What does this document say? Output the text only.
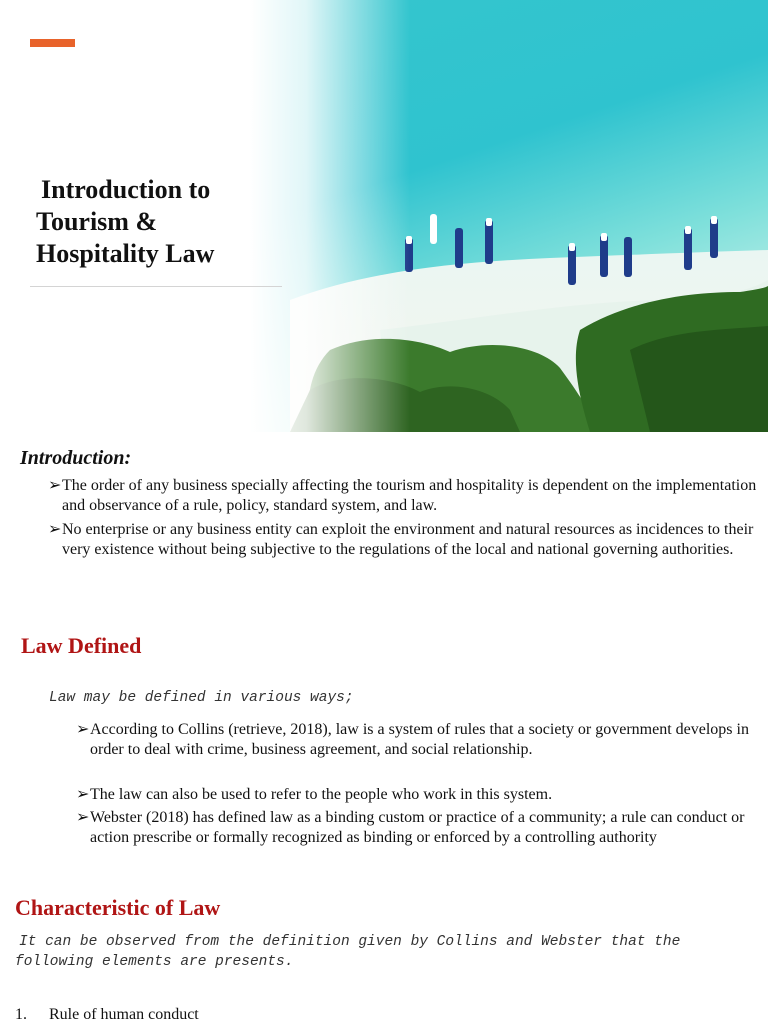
Introduction to
Tourism &
Hospitality Law
Introduction:
➢The order of any business specially affecting the tourism and hospitality is dependent on the implementation and observance of a rule, policy, standard system, and law.
➢No enterprise or any business entity can exploit the environment and natural resources as incidences to their very existence without being subjective to the regulations of the local and national governing authorities.
Law Defined
Law may be defined in various ways;
➢According to Collins (retrieve, 2018), law is a system of rules that a society or government develops in order to deal with crime, business agreement, and social relationship.
➢The law can also be used to refer to the people who work in this system.
➢Webster (2018) has defined law as a binding custom or practice of a community; a rule can conduct or action prescribe or formally recognized as binding or enforced by a controlling authority
Characteristic of Law
It can be observed from the definition given by Collins and Webster that the following elements are presents.
1. Rule of human conduct
